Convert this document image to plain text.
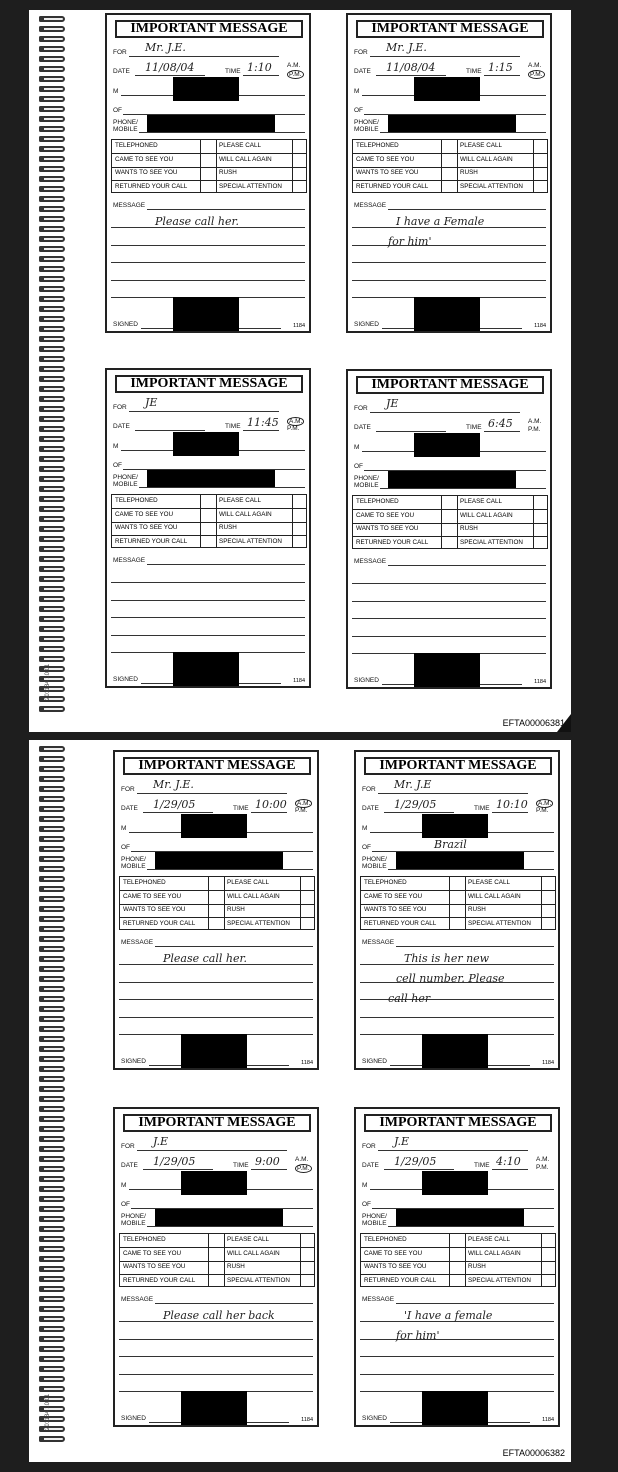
201184 10/01
IMPORTANT MESSAGE
FOR Mr. J.E.
DATE 11/08/04	TIME 1:10 A.M.
P.M.
M
OF
PHONE/
MOBILE
TELEPHONED	PLEASE CALL
CAME TO SEE YOU	WILL CALL AGAIN
WANTS TO SEE YOU	RUSH
RETURNED YOUR CALL	SPECIAL ATTENTION
MESSAGE
Please call her.
SIGNED	1184
IMPORTANT MESSAGE
FOR Mr. J.E.
DATE 11/08/04	TIME 1:15 A.M.
P.M.
M
OF
PHONE/
MOBILE
TELEPHONED	PLEASE CALL
CAME TO SEE YOU	WILL CALL AGAIN
WANTS TO SEE YOU	RUSH
RETURNED YOUR CALL	SPECIAL ATTENTION
MESSAGE
I have a Female
for him'
SIGNED	1184
IMPORTANT MESSAGE
FOR JE
DATE	TIME 11:45	A.M.
P.M.
M
OF
PHONE/
MOBILE
TELEPHONED	PLEASE CALL
CAME TO SEE YOU	WILL CALL AGAIN
WANTS TO SEE YOU	RUSH
RETURNED YOUR CALL	SPECIAL ATTENTION
MESSAGE
SIGNED	1184
IMPORTANT MESSAGE
FOR JE
DATE	TIME 6:45 A.M.
P.M.
M
OF
PHONE/
MOBILE
TELEPHONED	PLEASE CALL
CAME TO SEE YOU	WILL CALL AGAIN
WANTS TO SEE YOU	RUSH
RETURNED YOUR CALL	SPECIAL ATTENTION
MESSAGE
SIGNED	1184
EFTA00006381
201184 10/01
IMPORTANT MESSAGE
FOR Mr. J.E.
DATE 1/29/05	TIME 10:00	A.M.
P.M.
M
OF
PHONE/
MOBILE
TELEPHONED	PLEASE CALL
CAME TO SEE YOU	WILL CALL AGAIN
WANTS TO SEE YOU	RUSH
RETURNED YOUR CALL	SPECIAL ATTENTION
MESSAGE
Please call her.
SIGNED	1184
IMPORTANT MESSAGE
FOR Mr. J.E
DATE 1/29/05	TIME 10:10	A.M.
P.M.
M
OF	Brazil
PHONE/
MOBILE
TELEPHONED	PLEASE CALL
CAME TO SEE YOU	WILL CALL AGAIN
WANTS TO SEE YOU	RUSH
RETURNED YOUR CALL	SPECIAL ATTENTION
MESSAGE
This is her new
cell number. Please
call her
SIGNED	1184
IMPORTANT MESSAGE
FOR J.E
DATE 1/29/05	TIME 9:00 A.M.
P.M.
M
OF
PHONE/
MOBILE
TELEPHONED	PLEASE CALL
CAME TO SEE YOU	WILL CALL AGAIN
WANTS TO SEE YOU	RUSH
RETURNED YOUR CALL	SPECIAL ATTENTION
MESSAGE
Please call her back
SIGNED	1184
IMPORTANT MESSAGE
FOR J.E
DATE 1/29/05	TIME 4:10 A.M.
P.M.
M
OF
PHONE/
MOBILE
TELEPHONED	PLEASE CALL
CAME TO SEE YOU	WILL CALL AGAIN
WANTS TO SEE YOU	RUSH
RETURNED YOUR CALL	SPECIAL ATTENTION
MESSAGE
'I have a female
for him'
SIGNED	1184
EFTA00006382
